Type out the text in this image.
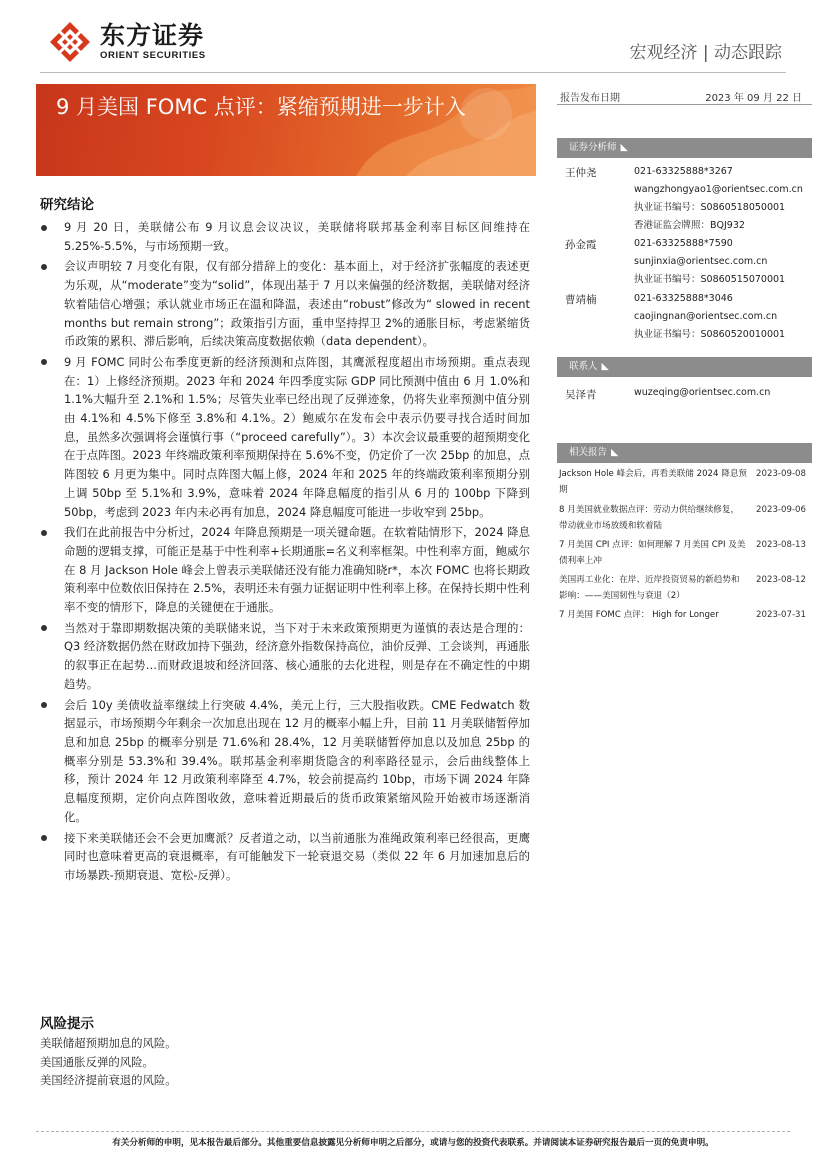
东方证券
ORIENT SECURITIES	宏观经济 | 动态跟踪
9 月美国 FOMC 点评：紧缩预期进一步计入	报告发布日期	2023 年 09 月 22 日
证券分析师 ◣
王仲尧	021-63325888*3267
wangzhongyao1@orientsec.com.cn
执业证书编号：S0860518050001
香港证监会牌照：BQJ932
孙金霞	021-63325888*7590
sunjinxia@orientsec.com.cn
执业证书编号：S0860515070001
曹靖楠	021-63325888*3046
caojingnan@orientsec.com.cn
执业证书编号：S0860520010001
联系人 ◣
吴泽青	wuzeqing@orientsec.com.cn
相关报告 ◣
Jackson Hole 峰会后，再看美联储 2024 降息预期
2023-09-08
8 月美国就业数据点评：劳动力供给继续修复，带动就业市场放缓和软着陆
2023-09-06
7 月美国 CPI 点评：如何理解 7 月美国 CPI 及美债利率上冲
2023-08-13
美国再工业化：在岸、近岸投资贸易的新趋势和影响：——美国韧性与衰退（2）
2023-08-12
7 月美国 FOMC 点评： High for Longer	2023-07-31
研究结论
9 月 20 日，美联储公布 9 月议息会议决议，美联储将联邦基金利率目标区间维持在 5.25%-5.5%，与市场预期一致。
会议声明较 7 月变化有限，仅有部分措辞上的变化：基本面上，对于经济扩张幅度的表述更为乐观，从“moderate”变为“solid”，体现出基于 7 月以来偏强的经济数据，美联储对经济软着陆信心增强；承认就业市场正在温和降温，表述由“robust”修改为“ slowed in recent months but remain strong”；政策指引方面，重申坚持捍卫 2%的通胀目标，考虑紧缩货币政策的累积、滞后影响，后续决策高度数据依赖（data dependent）。
9 月 FOMC 同时公布季度更新的经济预测和点阵图，其鹰派程度超出市场预期。重点表现在：1）上修经济预期。2023 年和 2024 年四季度实际 GDP 同比预测中值由 6 月 1.0%和 1.1%大幅升至 2.1%和 1.5%；尽管失业率已经出现了反弹迹象，仍将失业率预测中值分别由 4.1%和 4.5%下修至 3.8%和 4.1%。2）鲍威尔在发布会中表示仍要寻找合适时间加息，虽然多次强调将会谨慎行事（“proceed carefully”）。3）本次会议最重要的超预期变化在于点阵图。2023 年终端政策利率预期保持在 5.6%不变，仍定价了一次 25bp 的加息，点阵图较 6 月更为集中。同时点阵图大幅上修，2024 年和 2025 年的终端政策利率预期分别上调 50bp 至 5.1%和 3.9%，意味着 2024 年降息幅度的指引从 6 月的 100bp 下降到 50bp，考虑到 2023 年内未必再有加息，2024 降息幅度可能进一步收窄到 25bp。
我们在此前报告中分析过，2024 年降息预期是一项关键命题。在软着陆情形下，2024 降息命题的逻辑支撑，可能正是基于中性利率+长期通胀=名义利率框架。中性利率方面，鲍威尔在 8 月 Jackson Hole 峰会上曾表示美联储还没有能力准确知晓r*，本次 FOMC 也将长期政策利率中位数依旧保持在 2.5%，表明还未有强力证据证明中性利率上移。在保持长期中性利率不变的情形下，降息的关键便在于通胀。
当然对于靠即期数据决策的美联储来说，当下对于未来政策预期更为谨慎的表达是合理的：Q3 经济数据仍然在财政加持下强劲，经济意外指数保持高位，油价反弹、工会谈判，再通胀的叙事正在起势…而财政退坡和经济回落、核心通胀的去化进程，则是存在不确定性的中期趋势。
会后 10y 美债收益率继续上行突破 4.4%，美元上行，三大股指收跌。CME Fedwatch 数据显示，市场预期今年剩余一次加息出现在 12 月的概率小幅上升，目前 11 月美联储暂停加息和加息 25bp 的概率分别是 71.6%和 28.4%，12 月美联储暂停加息以及加息 25bp 的概率分别是 53.3%和 39.4%。联邦基金利率期货隐含的利率路径显示，会后曲线整体上移，预计 2024 年 12 月政策利率降至 4.7%，较会前提高约 10bp，市场下调 2024 年降息幅度预期，定价向点阵图收敛，意味着近期最后的货币政策紧缩风险开始被市场逐渐消化。
接下来美联储还会不会更加鹰派？反者道之动，以当前通胀为准绳政策利率已经很高，更鹰同时也意味着更高的衰退概率，有可能触发下一轮衰退交易（类似 22 年 6 月加速加息后的市场暴跌-预期衰退、宽松-反弹）。
风险提示
美联储超预期加息的风险。
美国通胀反弹的风险。
美国经济提前衰退的风险。
有关分析师的申明，见本报告最后部分。其他重要信息披露见分析师申明之后部分，或请与您的投资代表联系。并请阅读本证券研究报告最后一页的免责申明。
